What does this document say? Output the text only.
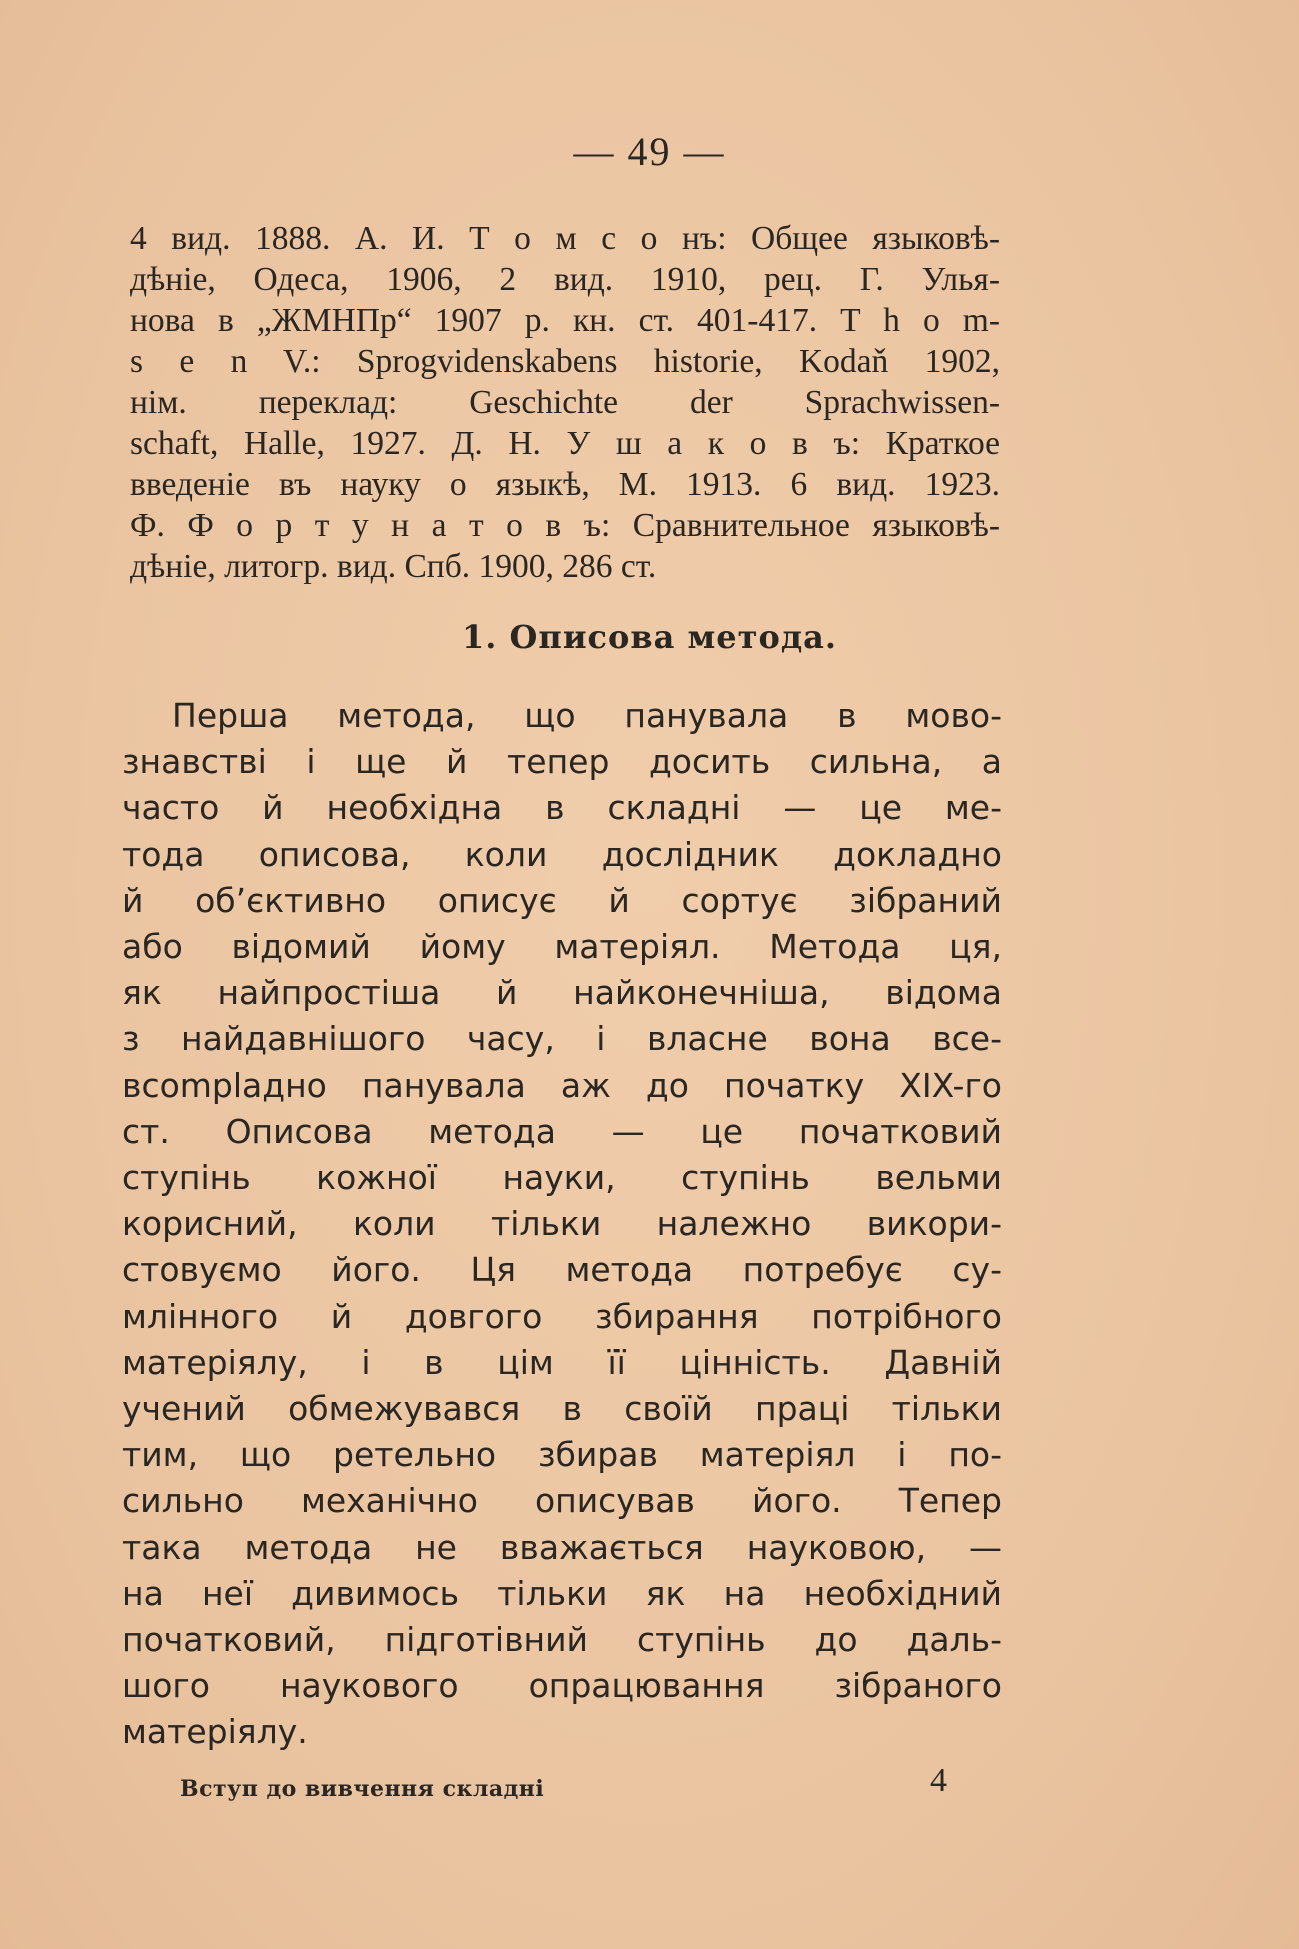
— 49 —
4 вид. 1888. А. И. Т о м с о нъ: Общее языковѣ-
дѣніе, Одеса, 1906, 2 вид. 1910, рец. Г. Улья-
нова в „ЖМНПр“ 1907 р. кн. ст. 401-417. T h o m-
s e n V.: Sprogvidenskabens historie, Kodaň 1902,
нім. переклад: Geschichte der Sprachwissen-
schaft, Halle, 1927. Д. Н. У ш а к о в ъ: Краткое
введеніе въ науку о языкѣ, М. 1913. 6 вид. 1923.
Ф. Ф о р т у н а т о в ъ: Сравнительное языковѣ-
дѣніе, литогр. вид. Спб. 1900, 286 ст.
1. Описова метода.
Перша метода, що панувала в мово-
знавстві і ще й тепер досить сильна, а
часто й необхідна в складні — це ме-
тода описова, коли дослідник докладно
й об’єктивно описує й сортує зібраний
або відомий йому матеріял. Метода ця,
як найпростіша й найконечніша, відома
з найдавнішого часу, і власне вона все-
вcomplадно панувала аж до початку XIX-го
ст. Описова метода — це початковий
ступінь кожної науки, ступінь вельми
корисний, коли тільки належно викори-
стовуємо його. Ця метода потребує су-
млінного й довгого збирання потрібного
матеріялу, і в цім її цінність. Давній
учений обмежувався в своїй праці тільки
тим, що ретельно збирав матеріял і по-
сильно механічно описував його. Тепер
така метода не вважається науковою, —
на неї дивимось тільки як на необхідний
початковий, підготівний ступінь до даль-
шого наукового опрацювання зібраного
матеріялу.
Вступ до вивчення складні	4
